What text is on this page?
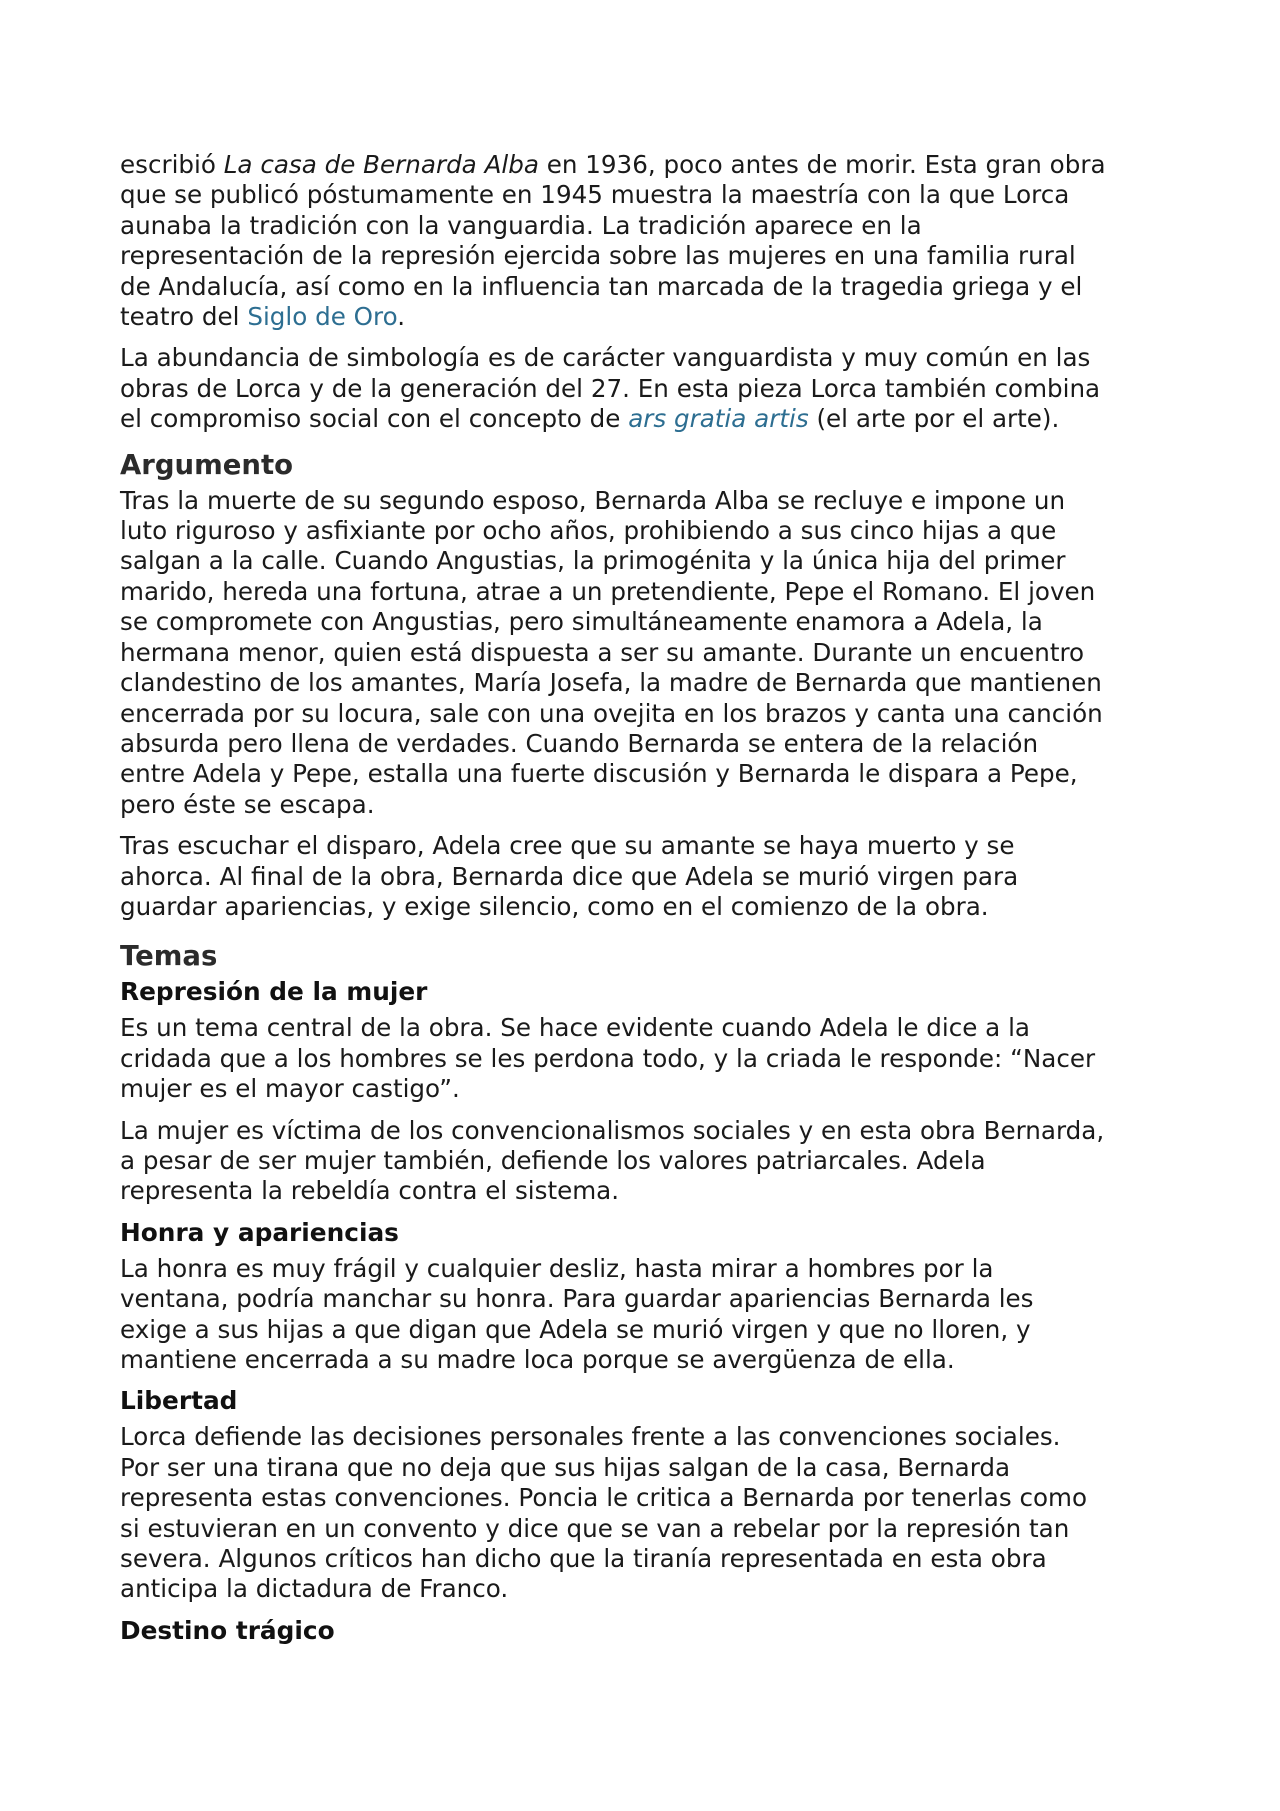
escribió La casa de Bernarda Alba en 1936, poco antes de morir. Esta gran obra
que se publicó póstumamente en 1945 muestra la maestría con la que Lorca
aunaba la tradición con la vanguardia. La tradición aparece en la
representación de la represión ejercida sobre las mujeres en una familia rural
de Andalucía, así como en la influencia tan marcada de la tragedia griega y el
teatro del Siglo de Oro.

La abundancia de simbología es de carácter vanguardista y muy común en las
obras de Lorca y de la generación del 27. En esta pieza Lorca también combina
el compromiso social con el concepto de ars gratia artis (el arte por el arte).

Argumento

Tras la muerte de su segundo esposo, Bernarda Alba se recluye e impone un
luto riguroso y asfixiante por ocho años, prohibiendo a sus cinco hijas a que
salgan a la calle. Cuando Angustias, la primogénita y la única hija del primer
marido, hereda una fortuna, atrae a un pretendiente, Pepe el Romano. El joven
se compromete con Angustias, pero simultáneamente enamora a Adela, la
hermana menor, quien está dispuesta a ser su amante. Durante un encuentro
clandestino de los amantes, María Josefa, la madre de Bernarda que mantienen
encerrada por su locura, sale con una ovejita en los brazos y canta una canción
absurda pero llena de verdades. Cuando Bernarda se entera de la relación
entre Adela y Pepe, estalla una fuerte discusión y Bernarda le dispara a Pepe,
pero éste se escapa.

Tras escuchar el disparo, Adela cree que su amante se haya muerto y se
ahorca. Al final de la obra, Bernarda dice que Adela se murió virgen para
guardar apariencias, y exige silencio, como en el comienzo de la obra.

Temas
Represión de la mujer

Es un tema central de la obra. Se hace evidente cuando Adela le dice a la
cridada que a los hombres se les perdona todo, y la criada le responde: “Nacer
mujer es el mayor castigo”.

La mujer es víctima de los convencionalismos sociales y en esta obra Bernarda,
a pesar de ser mujer también, defiende los valores patriarcales. Adela
representa la rebeldía contra el sistema.

Honra y apariencias

La honra es muy frágil y cualquier desliz, hasta mirar a hombres por la
ventana, podría manchar su honra. Para guardar apariencias Bernarda les
exige a sus hijas a que digan que Adela se murió virgen y que no lloren, y
mantiene encerrada a su madre loca porque se avergüenza de ella.

Libertad

Lorca defiende las decisiones personales frente a las convenciones sociales.
Por ser una tirana que no deja que sus hijas salgan de la casa, Bernarda
representa estas convenciones. Poncia le critica a Bernarda por tenerlas como
si estuvieran en un convento y dice que se van a rebelar por la represión tan
severa. Algunos críticos han dicho que la tiranía representada en esta obra
anticipa la dictadura de Franco.

Destino trágico
